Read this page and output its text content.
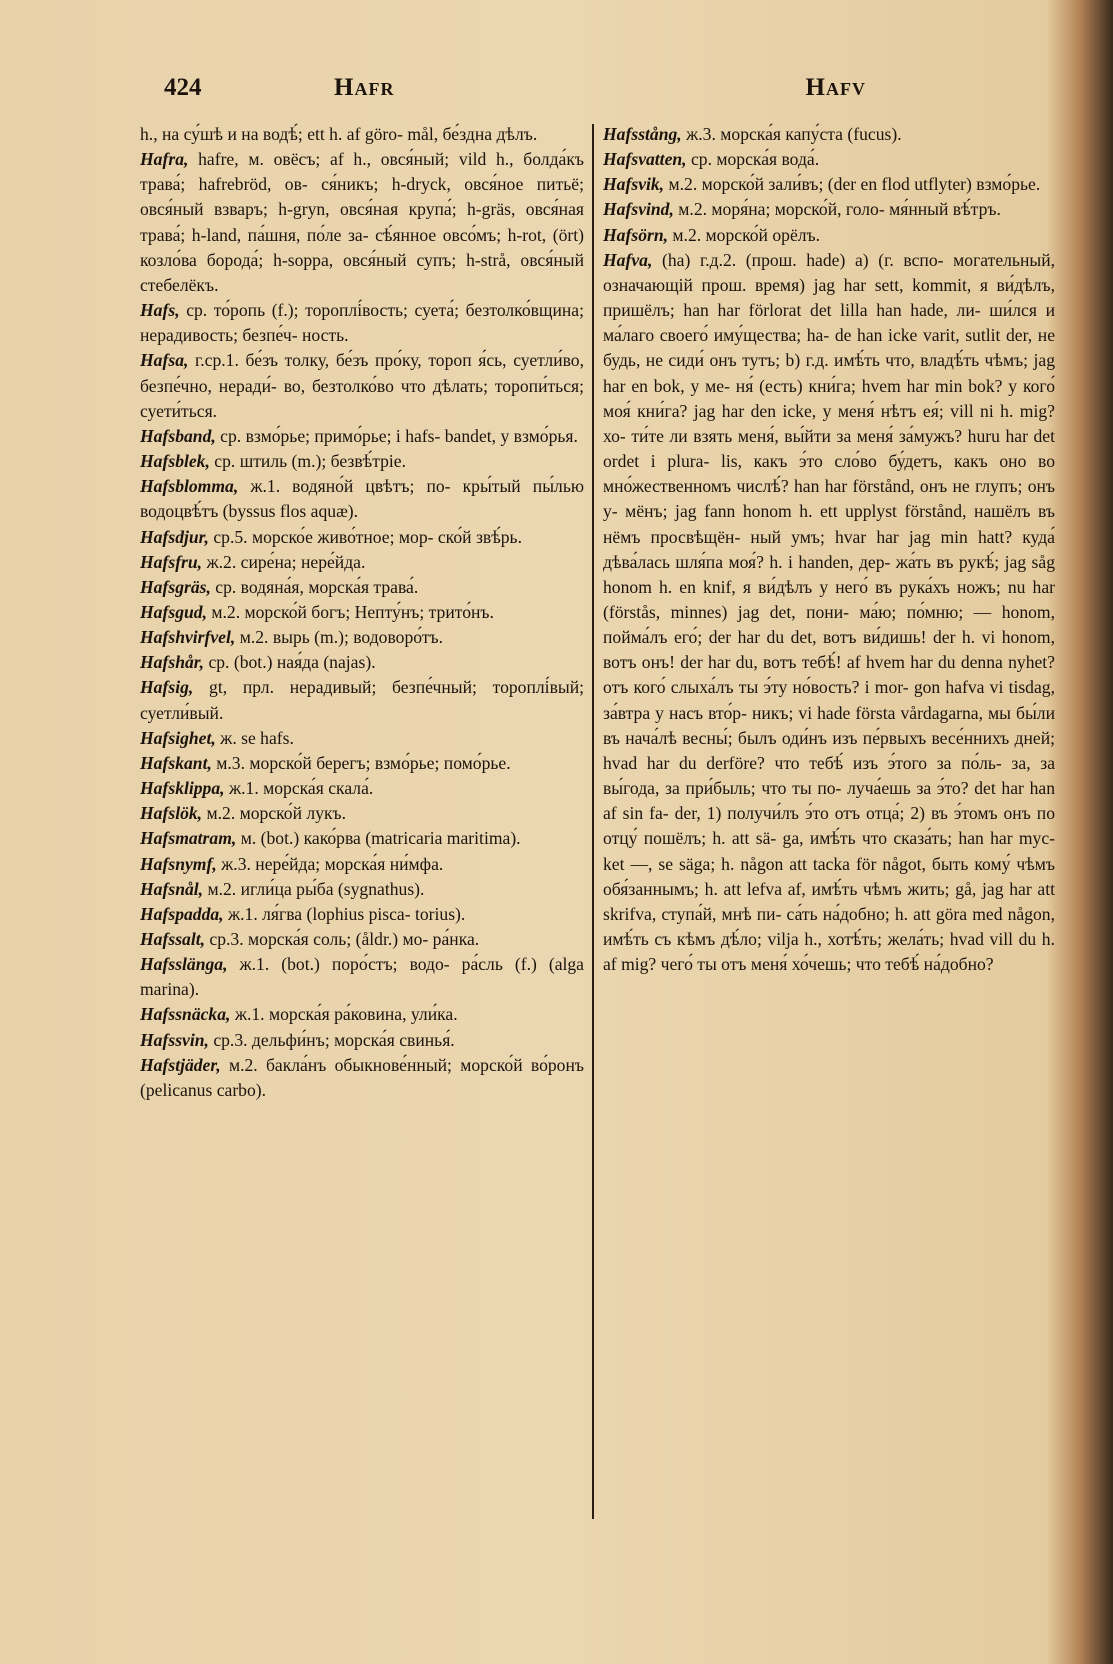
424	Hafr	Hafv

h., на су́шѣ и на водѣ́; ett h. af göro- mål, бе́здна дѣлъ.

Hafra, hafre, м. овёсъ; af h., овся́ный; vild h., болда́къ трава́; hafrebröd, ов- ся́никъ; h-dryck, овся́ное питьё; овся́ный взваръ; h-gryn, овся́ная крупа́; h-gräs, овся́ная трава́; h-land, па́шня, по́ле за- сѣ́янное овсо́мъ; h-rot, (ört) козло́ва борода́; h-soppa, овся́ный супъ; h-strå, овся́ный стебелёкъ.

Hafs, ср. то́ропь (f.); тороплі́вость; суета́; безтолко́вщина; нерадивость; безпе́ч- ность.

Hafsa, г.ср.1. бе́зъ толку, бе́зъ про́ку, тороп я́сь, суетли́во, безпе́чно, неради́- во, безтолко́во что дѣлать; торопи́ться; суети́ться.

Hafsband, ср. взмо́рье; примо́рье; i hafs- bandet, у взмо́рья.

Hafsblek, ср. штиль (m.); безвѣ́тріе.

Hafsblomma, ж.1. водяно́й цвѣтъ; по- кры́тый пы́лью водоцвѣ́тъ (byssus flos aquæ).

Hafsdjur, ср.5. морско́е живо́тное; мор- ско́й звѣ́рь.

Hafsfru, ж.2. сире́на; нере́йда.

Hafsgräs, ср. водяна́я, морска́я трава́.

Hafsgud, м.2. морско́й богъ; Непту́нъ; трито́нъ.

Hafshvirfvel, м.2. вырь (m.); водоворо́тъ.

Hafshår, ср. (bot.) ная́да (najas).

Hafsig, gt, прл. нерадивый; безпе́чный; тороплі́вый; суетли́вый.

Hafsighet, ж. se hafs.

Hafskant, м.3. морско́й берегъ; взмо́рье; помо́рье.

Hafsklippa, ж.1. морска́я скала́.

Hafslök, м.2. морско́й лукъ.

Hafsmatram, м. (bot.) како́рва (matricaria maritima).

Hafsnymf, ж.3. нере́йда; морска́я ни́мфа.

Hafsnål, м.2. игли́ца ры́ба (sygnathus).

Hafspadda, ж.1. ля́гва (lophius pisca- torius).

Hafssalt, ср.3. морска́я соль; (åldr.) мо- ра́нка.

Hafsslänga, ж.1. (bot.) поро́стъ; водо- ра́сль (f.) (alga marina).

Hafssnäcka, ж.1. морска́я ра́ковина, ули́ка.

Hafssvin, ср.3. дельфи́нъ; морска́я свинья́.

Hafstjäder, м.2. бакла́нъ обыкнове́нный; морско́й во́ронъ (pelicanus carbo).

Hafsstång, ж.3. морска́я капу́ста (fucus).

Hafsvatten, ср. морска́я вода́.

Hafsvik, м.2. морско́й зали́въ; (der en flod utflyter) взмо́рье.

Hafsvind, м.2. моря́на; морско́й, голо- мя́нный вѣ́тръ.

Hafsörn, м.2. морско́й орёлъ.

Hafva, (ha) г.д.2. (прош. hade) a) (г. вспо- могательный, означающій прош. время) jag har sett, kommit, я ви́дѣлъ, пришёлъ; han har förlorat det lilla han hade, ли- ши́лся и ма́лаго своего́ иму́щества; ha- de han icke varit, sutlit der, не будь, не сиди́ онъ тутъ; b) г.д. имѣ́ть что, владѣ́ть чѣмъ; jag har en bok, у ме- ня́ (есть) кни́га; hvem har min bok? у кого́ моя́ кни́га? jag har den icke, у меня́ нѣтъ ея́; vill ni h. mig? хо- ти́те ли взять меня́, вы́йти за меня́ за́мужъ? huru har det ordet i plura- lis, какъ э́то сло́во бу́детъ, какъ оно во мно́жественномъ числѣ́? han har förstånd, онъ не глупъ; онъ у- мёнъ; jag fann honom h. ett upplyst förstånd, нашёлъ въ нёмъ просвѣщён- ный умъ; hvar har jag min hatt? куда́ дѣва́лась шля́па моя́? h. i handen, дер- жа́ть въ рукѣ́; jag såg honom h. en knif, я ви́дѣлъ у него́ въ рука́хъ ножъ; nu har (förstås, minnes) jag det, пони- ма́ю; по́мню; — honom, пойма́лъ его́; der har du det, вотъ ви́дишь! der h. vi honom, вотъ онъ! der har du, вотъ тебѣ́! af hvem har du denna nyhet? отъ кого́ слыха́лъ ты э́ту но́вость? i mor- gon hafva vi tisdag, за́втра у насъ вто́р- никъ; vi hade första vårdagarna, мы бы́ли въ нача́лѣ весны́; былъ оди́нъ изъ пе́рвыхъ весе́ннихъ дней; hvad har du derföre? что тебѣ́ изъ э́того за по́ль- за, за вы́года, за при́быль; что ты по- луча́ешь за э́то? det har han af sin fa- der, 1) получи́лъ э́то отъ отца́; 2) въ э́томъ онъ по отцу́ пошёлъ; h. att sä- ga, имѣ́ть что сказа́ть; han har myc- ket —, se säga; h. någon att tacka för något, быть кому́ чѣмъ обя́заннымъ; h. att lefva af, имѣ́ть чѣмъ жить; gå, jag har att skrifva, ступа́й, мнѣ пи- са́ть на́добно; h. att göra med någon, имѣ́ть съ кѣмъ дѣ́ло; vilja h., хотѣ́ть; жела́ть; hvad vill du h. af mig? чего́ ты отъ меня́ хо́чешь; что тебѣ́ на́добно?
